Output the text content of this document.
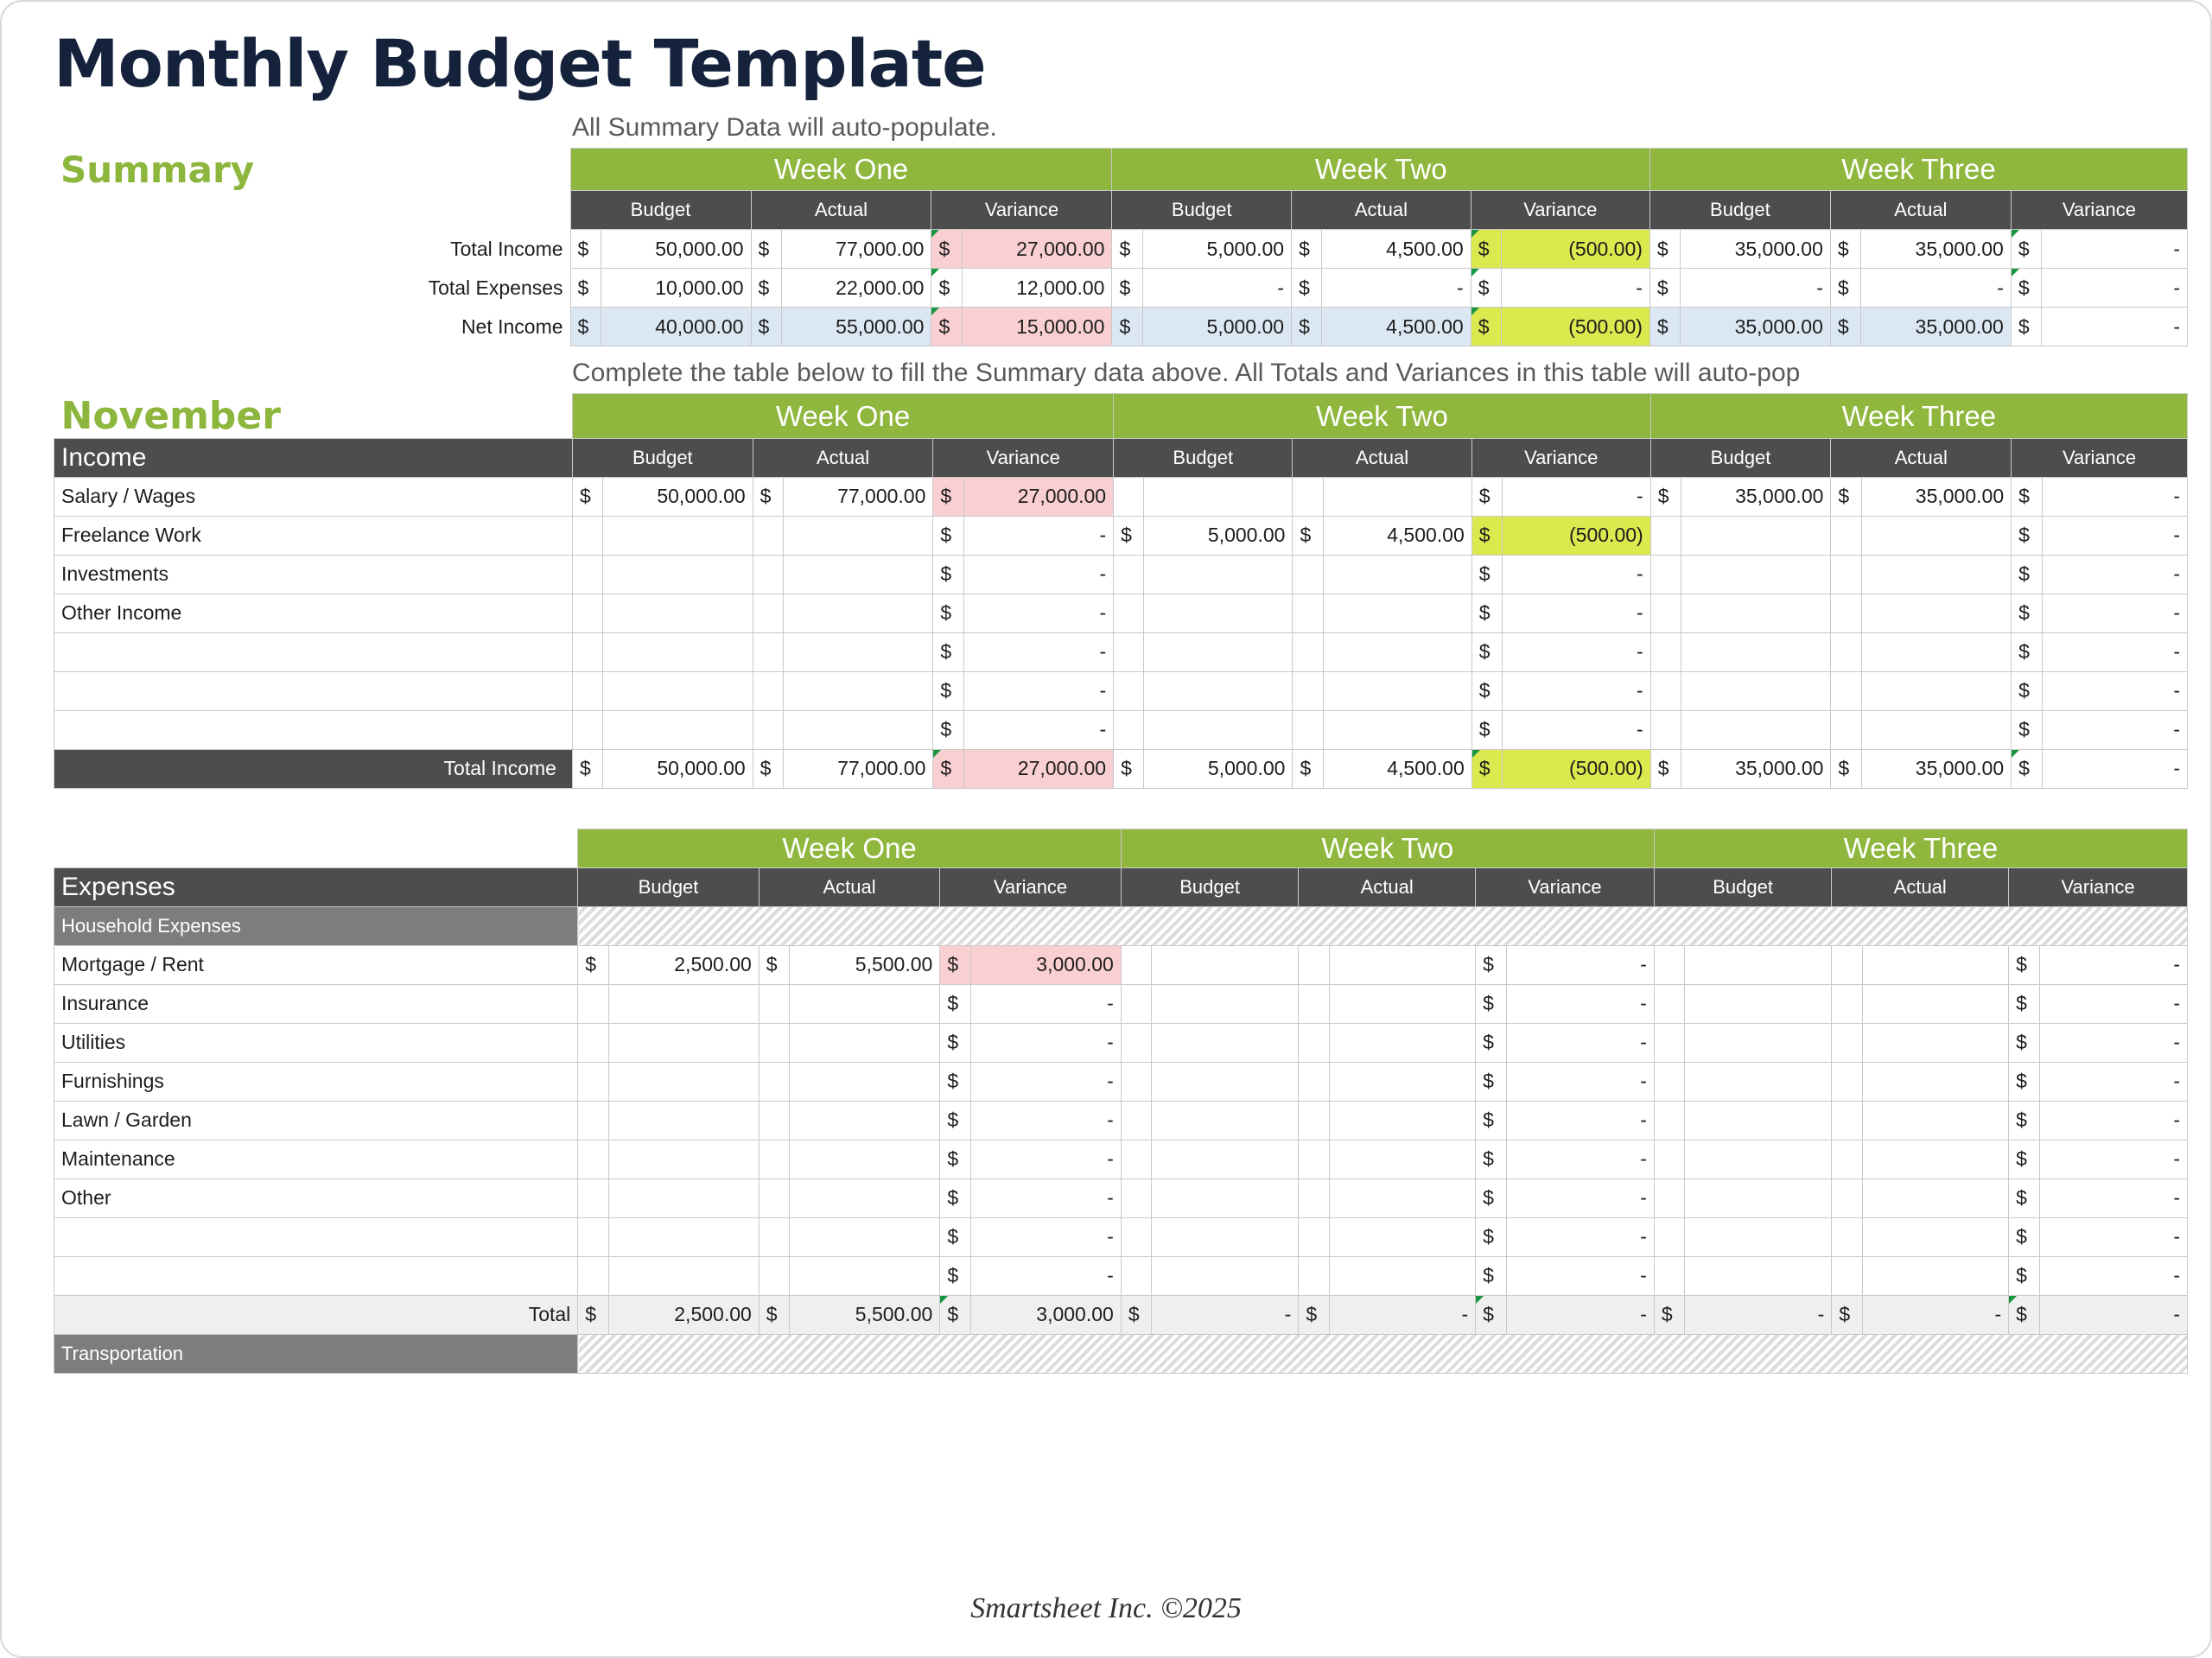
Monthly Budget Template
All Summary Data will auto-populate.
Summary	Week One						Week Two						Week Three					
	Budget		Actual		Variance		Budget		Actual		Variance		Budget		Actual		Variance	
Total Income	$	50,000.00	$	77,000.00	$	27,000.00	$	5,000.00	$	4,500.00	$	(500.00)	$	35,000.00	$	35,000.00	$	-
Total Expenses	$	10,000.00	$	22,000.00	$	12,000.00	$	-	$	-	$	-	$	-	$	-	$	-
Net Income	$	40,000.00	$	55,000.00	$	15,000.00	$	5,000.00	$	4,500.00	$	(500.00)	$	35,000.00	$	35,000.00	$	-
Complete the table below to fill the Summary data above. All Totals and Variances in this table will auto-pop
November	Week One						Week Two						Week Three					
Income	Budget		Actual		Variance		Budget		Actual		Variance		Budget		Actual		Variance	
Salary / Wages	$	50,000.00	$	77,000.00	$	27,000.00					$	-	$	35,000.00	$	35,000.00	$	-
Freelance Work					$	-	$	5,000.00	$	4,500.00	$	(500.00)					$	-
Investments					$	-					$	-					$	-
Other Income					$	-					$	-					$	-
					$	-					$	-					$	-
					$	-					$	-					$	-
					$	-					$	-					$	-
Total Income	$	50,000.00	$	77,000.00	$	27,000.00	$	5,000.00	$	4,500.00	$	(500.00)	$	35,000.00	$	35,000.00	$	-
	Week One						Week Two						Week Three					
Expenses	Budget		Actual		Variance		Budget		Actual		Variance		Budget		Actual		Variance	
Household Expenses																		
Mortgage / Rent	$	2,500.00	$	5,500.00	$	3,000.00					$	-					$	-
Insurance					$	-					$	-					$	-
Utilities					$	-					$	-					$	-
Furnishings					$	-					$	-					$	-
Lawn / Garden					$	-					$	-					$	-
Maintenance					$	-					$	-					$	-
Other					$	-					$	-					$	-
					$	-					$	-					$	-
					$	-					$	-					$	-
Total	$	2,500.00	$	5,500.00	$	3,000.00	$	-	$	-	$	-	$	-	$	-	$	-
Transportation																		
Smartsheet Inc. ©2025
